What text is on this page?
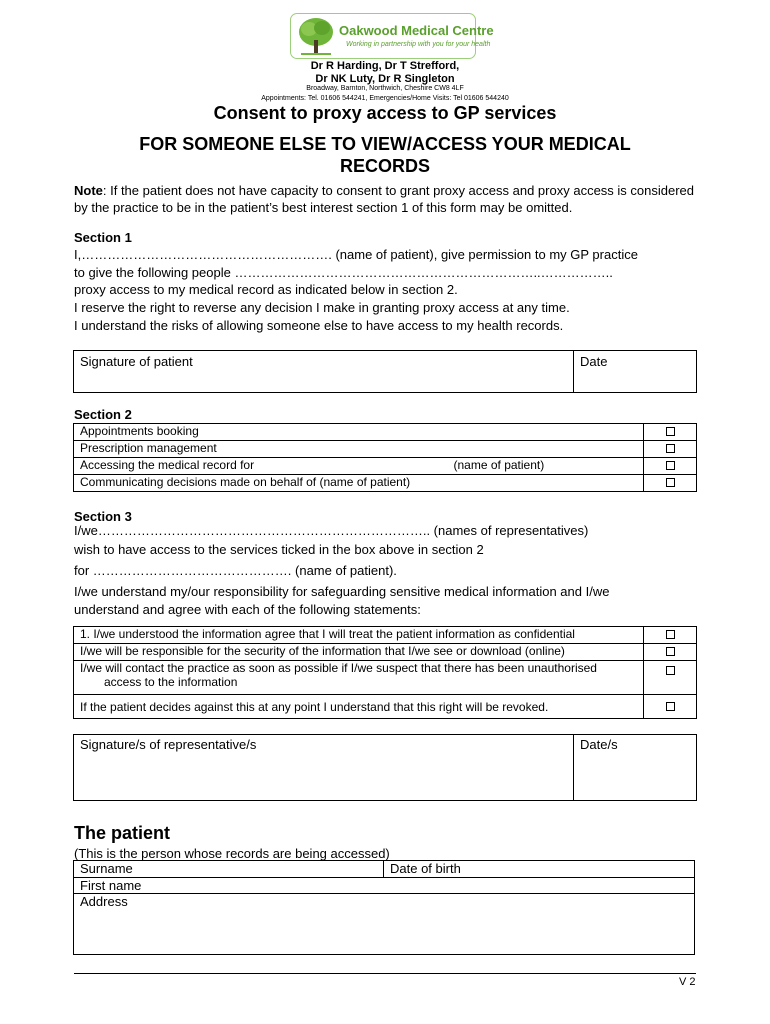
Oakwood Medical Centre
Working in partnership with you for your health
Dr R Harding, Dr T Strefford,
Dr NK Luty, Dr R Singleton
Broadway, Barnton, Northwich, Cheshire CW8 4LF
Appointments: Tel. 01606 544241, Emergencies/Home Visits: Tel 01606 544240
Consent to proxy access to GP services
FOR SOMEONE ELSE TO VIEW/ACCESS YOUR MEDICAL
RECORDS
Note: If the patient does not have capacity to consent to grant proxy access and proxy access is considered by the practice to be in the patient’s best interest section 1 of this form may be omitted.
Section 1
I,…………………………………………………. (name of patient), give permission to my GP practice
to give the following people ……………………………………………………………..……………..
proxy access to my medical record as indicated below in section 2.
I reserve the right to reverse any decision I make in granting proxy access at any time.
I understand the risks of allowing someone else to have access to my health records.
Signature of patient	Date
Section 2
Appointments booking	
Prescription management	
Accessing the medical record for (name of patient)	

Communicating decisions made on behalf of (name of patient)	
Section 3
I/we………………………………………………………………….. (names of representatives)
wish to have access to the services ticked in the box above in section 2
for ………………………………………. (name of patient).
I/we understand my/our responsibility for safeguarding sensitive medical information and I/we
understand and agree with each of the following statements:
1. I/we understood the information agree that I will treat the patient information as confidential	
I/we will be responsible for the security of the information that I/we see or download (online)	

I/we will contact the practice as soon as possible if I/we suspect that there has been unauthorised
access to the information	

If the patient decides against this at any point I understand that this right will be revoked.	
Signature/s of representative/s	Date/s
The patient
(This is the person whose records are being accessed)
Surname	Date of birth
First name
Address
V 2
